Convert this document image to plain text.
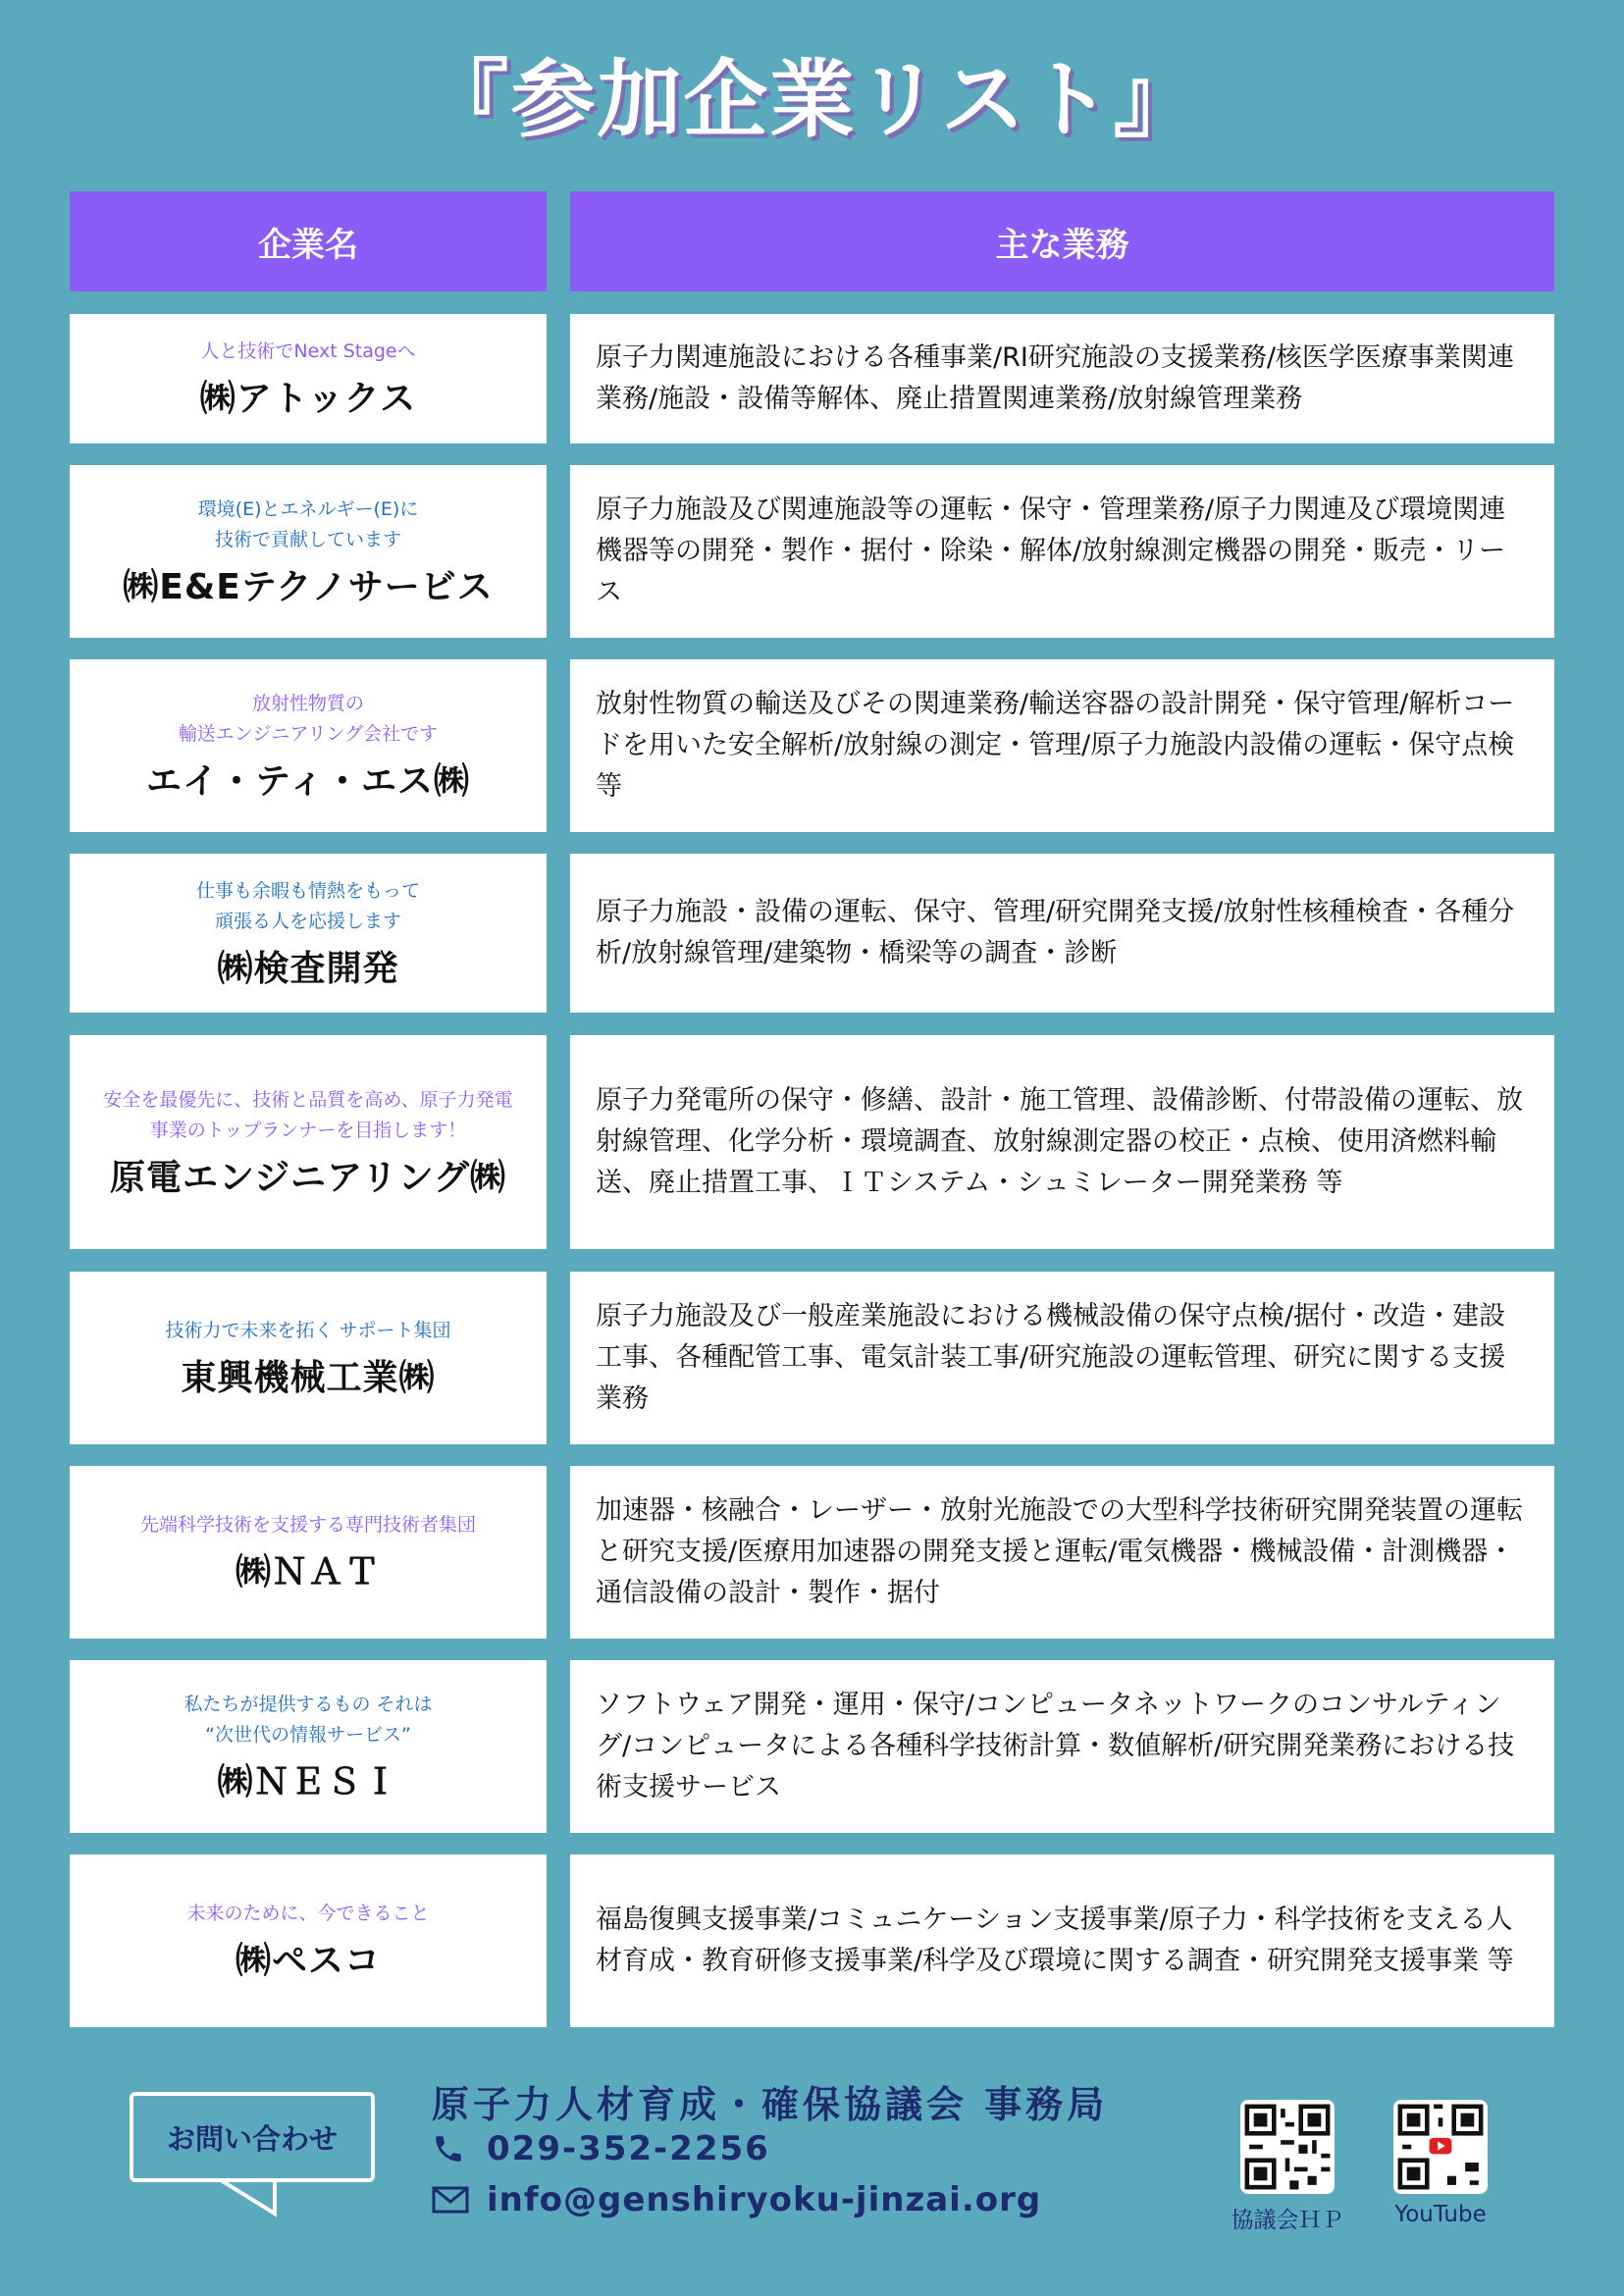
『参加企業リスト』
企業名	主な業務
人と技術でNext Stageへ
㈱アトックス
原子力関連施設における各種事業/RI研究施設の支援業務/核医学医療事業関連業務/施設・設備等解体、廃止措置関連業務/放射線管理業務
環境(E)とエネルギー(E)に
技術で貢献しています
㈱E&Eテクノサービス
原子力施設及び関連施設等の運転・保守・管理業務/原子力関連及び環境関連機器等の開発・製作・据付・除染・解体/放射線測定機器の開発・販売・リース
放射性物質の
輸送エンジニアリング会社です
エイ・ティ・エス㈱
放射性物質の輸送及びその関連業務/輸送容器の設計開発・保守管理/解析コードを用いた安全解析/放射線の測定・管理/原子力施設内設備の運転・保守点検 等
仕事も余暇も情熱をもって
頑張る人を応援します
㈱検査開発
原子力施設・設備の運転、保守、管理/研究開発支援/放射性核種検査・各種分析/放射線管理/建築物・橋梁等の調査・診断
安全を最優先に、技術と品質を高め、原子力発電
事業のトップランナーを目指します！
原電エンジニアリング㈱
原子力発電所の保守・修繕、設計・施工管理、設備診断、付帯設備の運転、放射線管理、化学分析・環境調査、放射線測定器の校正・点検、使用済燃料輸送、廃止措置工事、ＩＴシステム・シュミレーター開発業務 等
技術力で未来を拓く サポート集団
東興機械工業㈱
原子力施設及び一般産業施設における機械設備の保守点検/据付・改造・建設工事、各種配管工事、電気計装工事/研究施設の運転管理、研究に関する支援業務
先端科学技術を支援する専門技術者集団
㈱ＮＡＴ
加速器・核融合・レーザー・放射光施設での大型科学技術研究開発装置の運転と研究支援/医療用加速器の開発支援と運転/電気機器・機械設備・計測機器・通信設備の設計・製作・据付
私たちが提供するもの それは
“次世代の情報サービス”
㈱ＮＥＳＩ
ソフトウェア開発・運用・保守/コンピュータネットワークのコンサルティング/コンピュータによる各種科学技術計算・数値解析/研究開発業務における技術支援サービス
未来のために、今できること
㈱ペスコ
福島復興支援事業/コミュニケーション支援事業/原子力・科学技術を支える人材育成・教育研修支援事業/科学及び環境に関する調査・研究開発支援事業 等
お問い合わせ
原子力人材育成・確保協議会 事務局
029-352-2256
info@genshiryoku-jinzai.org
協議会ＨＰ	YouTube
